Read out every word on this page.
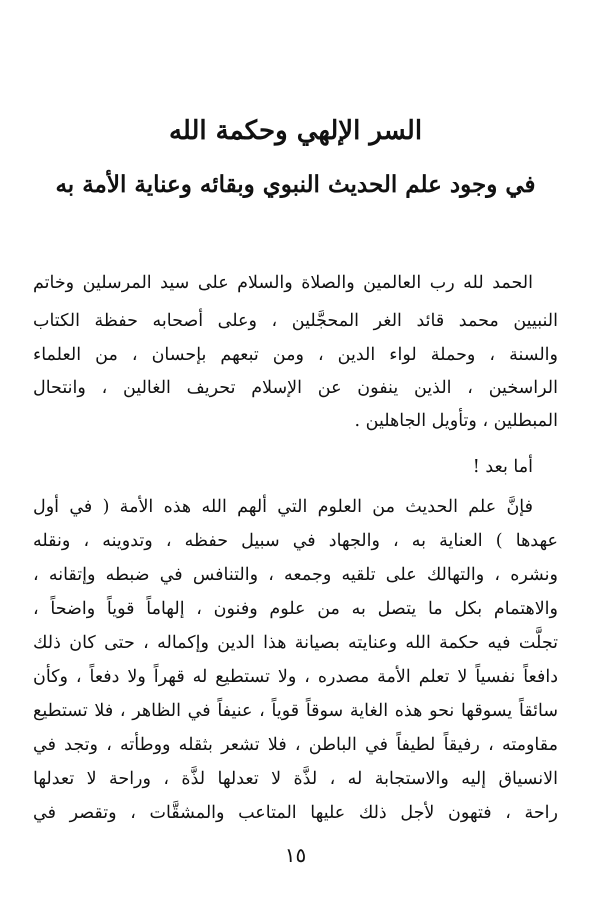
السر الإلهي وحكمة الله
في وجود علم الحديث النبوي وبقائه وعناية الأمة به
الحمد لله رب العالمين والصلاة والسلام على سيد المرسلين وخاتم
النبيين محمد قائد الغر المحجَّلين ، وعلى أصحابه حفظة الكتاب
والسنة ، وحملة لواء الدين ، ومن تبعهم بإحسان ، من العلماء
الراسخين ، الذين ينفون عن الإسلام تحريف الغالين ، وانتحال
المبطلين ، وتأويل الجاهلين .
أما بعد !
فإنَّ علم الحديث من العلوم التي ألهم الله هذه الأمة ( في أول
عهدها ) العناية به ، والجهاد في سبيل حفظه ، وتدوينه ، ونقله
ونشره ، والتهالك على تلقيه وجمعه ، والتنافس في ضبطه وإتقانه ،
والاهتمام بكل ما يتصل به من علوم وفنون ، إلهاماً قوياً واضحاً ،
تجلَّت فيه حكمة الله وعنايته بصيانة هذا الدين وإكماله ، حتى كان ذلك
دافعاً نفسياً لا تعلم الأمة مصدره ، ولا تستطيع له قهراً ولا دفعاً ، وكأن
سائقاً يسوقها نحو هذه الغاية سوقاً قوياً ، عنيفاً في الظاهر ، فلا تستطيع
مقاومته ، رفيقاً لطيفاً في الباطن ، فلا تشعر بثقله ووطأته ، وتجد في
الانسياق إليه والاستجابة له ، لذَّة لا تعدلها لذَّة ، وراحة لا تعدلها
راحة ، فتهون لأجل ذلك عليها المتاعب والمشقَّات ، وتقصر في
١٥
